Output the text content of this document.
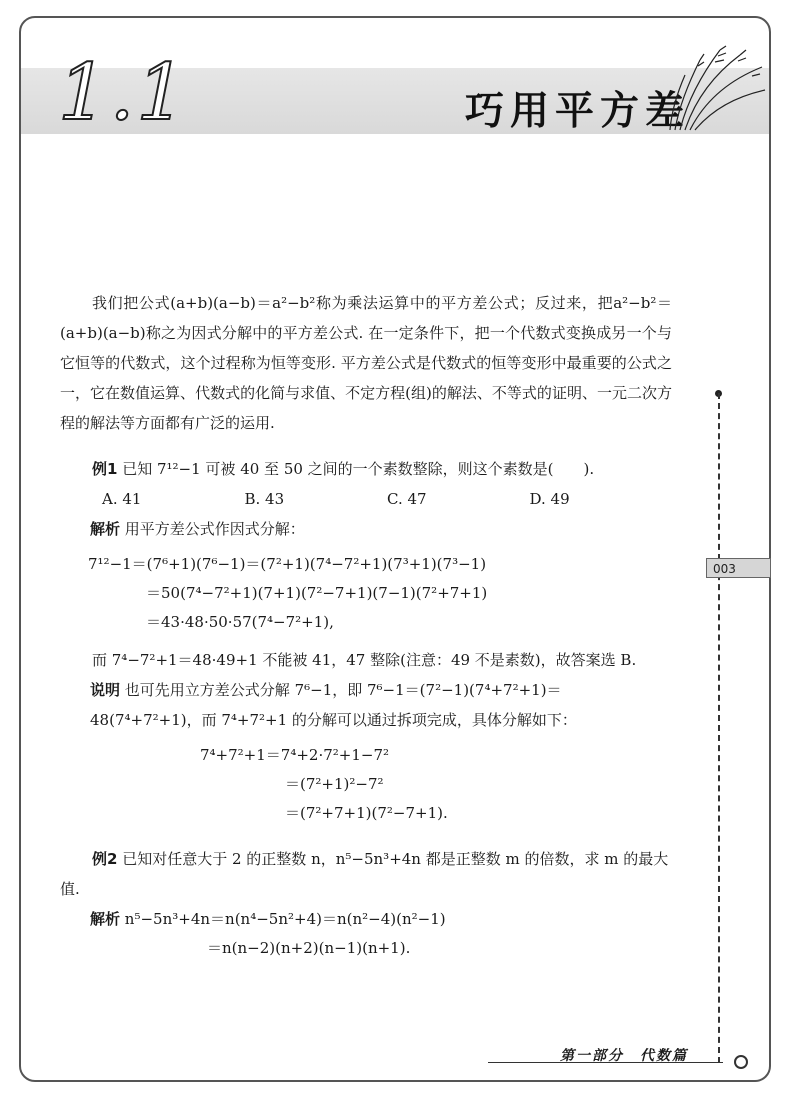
1.1	巧用平方差
003

我们把公式(a+b)(a−b)＝a²−b²称为乘法运算中的平方差公式；反过来，把a²−b²＝(a+b)(a−b)称之为因式分解中的平方差公式. 在一定条件下，把一个代数式变换成另一个与它恒等的代数式，这个过程称为恒等变形. 平方差公式是代数式的恒等变形中最重要的公式之一，它在数值运算、代数式的化简与求值、不定方程(组)的解法、不等式的证明、一元二次方程的解法等方面都有广泛的运用.

例1 已知 7¹²−1 可被 40 至 50 之间的一个素数整除，则这个素数是(　　).

A. 41	B. 43	C. 47	D. 49

解析 用平方差公式作因式分解：

7¹²−1＝(7⁶+1)(7⁶−1)＝(7²+1)(7⁴−7²+1)(7³+1)(7³−1)

＝50(7⁴−7²+1)(7+1)(7²−7+1)(7−1)(7²+7+1)

＝43·48·50·57(7⁴−7²+1),

而 7⁴−7²+1＝48·49+1 不能被 41，47 整除(注意：49 不是素数)，故答案选 B.

说明 也可先用立方差公式分解 7⁶−1，即 7⁶−1＝(7²−1)(7⁴+7²+1)＝48(7⁴+7²+1)，而 7⁴+7²+1 的分解可以通过拆项完成，具体分解如下：

7⁴+7²+1＝7⁴+2·7²+1−7²

＝(7²+1)²−7²

＝(7²+7+1)(7²−7+1).

例2 已知对任意大于 2 的正整数 n，n⁵−5n³+4n 都是正整数 m 的倍数，求 m 的最大值.

解析 n⁵−5n³+4n＝n(n⁴−5n²+4)＝n(n²−4)(n²−1)

＝n(n−2)(n+2)(n−1)(n+1).

第一部分　代数篇
